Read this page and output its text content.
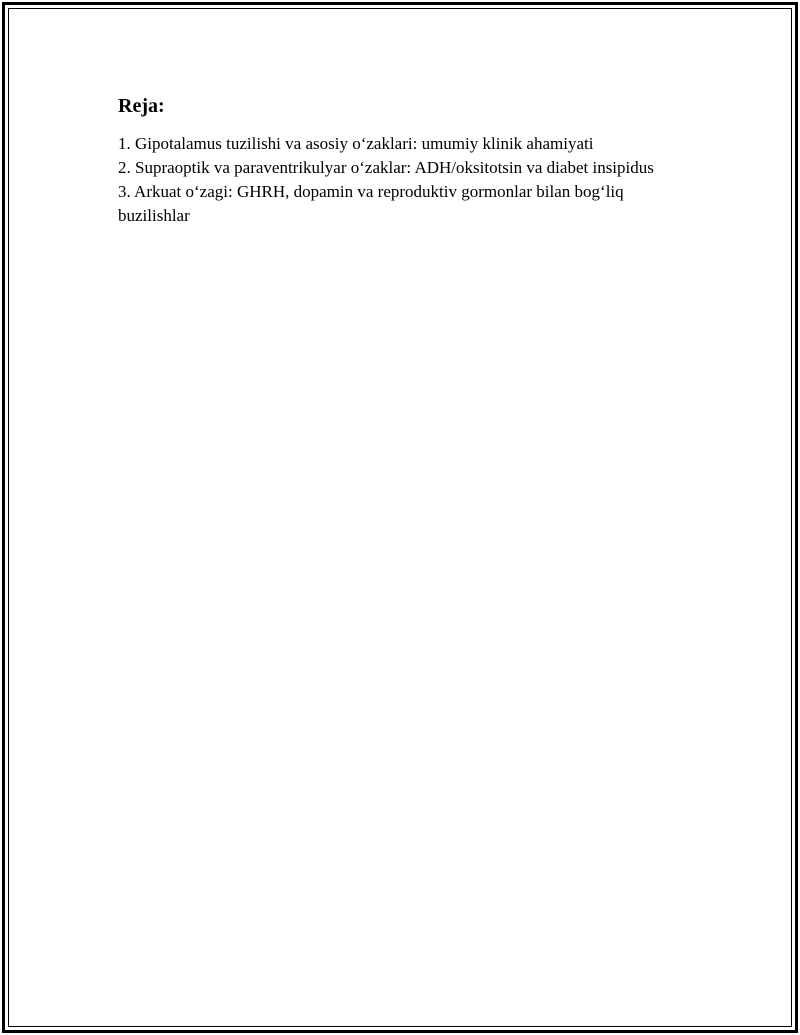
Reja:
1. Gipotalamus tuzilishi va asosiy o‘zaklari: umumiy klinik ahamiyati
2. Supraoptik va paraventrikulyar o‘zaklar: ADH/oksitotsin va diabet insipidus
3. Arkuat o‘zagi: GHRH, dopamin va reproduktiv gormonlar bilan bog‘liq buzilishlar
